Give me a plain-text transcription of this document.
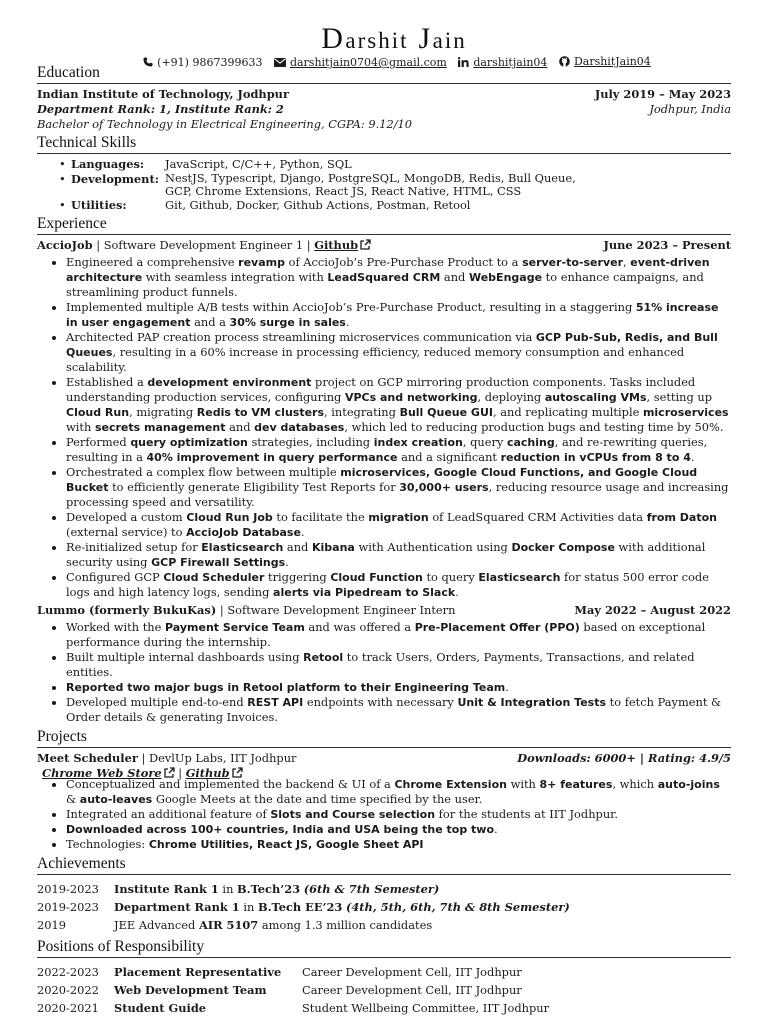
Darshit Jain
(+91) 9867399633
	darshitjain0704@gmail.com
darshitjain04
DarshitJain04
Education
Indian Institute of Technology, Jodhpur	July 2019 – May 2023
Department Rank: 1, Institute Rank: 2	Jodhpur, India
Bachelor of Technology in Electrical Engineering, CGPA: 9.12/10
Technical Skills
• Languages:	JavaScript, C/C++, Python, SQL
• Development: NestJS, Typescript, Django, PostgreSQL, MongoDB, Redis, Bull Queue, GCP, Chrome Extensions, React JS, React Native, HTML, CSS
• Utilities:	Git, Github, Docker, Github Actions, Postman, Retool
Experience
AccioJob | Software Development Engineer 1 | Github	June 2023 – Present
• Engineered a comprehensive revamp of AccioJob’s Pre-Purchase Product to a server-to-server, event-driven architecture with seamless integration with LeadSquared CRM and WebEngage to enhance campaigns, and streamlining product funnels.
• Implemented multiple A/B tests within AccioJob’s Pre-Purchase Product, resulting in a staggering 51% increase in user engagement and a 30% surge in sales.
• Architected PAP creation process streamlining microservices communication via GCP Pub-Sub, Redis, and Bull Queues, resulting in a 60% increase in processing efficiency, reduced memory consumption and enhanced scalability.
• Established a development environment project on GCP mirroring production components. Tasks included understanding production services, configuring VPCs and networking, deploying autoscaling VMs, setting up Cloud Run, migrating Redis to VM clusters, integrating Bull Queue GUI, and replicating multiple microservices with secrets management and dev databases, which led to reducing production bugs and testing time by 50%.
• Performed query optimization strategies, including index creation, query caching, and re-rewriting queries, resulting in a 40% improvement in query performance and a significant reduction in vCPUs from 8 to 4.
• Orchestrated a complex flow between multiple microservices, Google Cloud Functions, and Google Cloud Bucket to efficiently generate Eligibility Test Reports for 30,000+ users, reducing resource usage and increasing processing speed and versatility.
• Developed a custom Cloud Run Job to facilitate the migration of LeadSquared CRM Activities data from Daton (external service) to AccioJob Database.
• Re-initialized setup for Elasticsearch and Kibana with Authentication using Docker Compose with additional security using GCP Firewall Settings.
• Configured GCP Cloud Scheduler triggering Cloud Function to query Elasticsearch for status 500 error code logs and high latency logs, sending alerts via Pipedream to Slack.
Lummo (formerly BukuKas) | Software Development Engineer Intern	May 2022 – August 2022
• Worked with the Payment Service Team and was offered a Pre-Placement Offer (PPO) based on exceptional performance during the internship.
• Built multiple internal dashboards using Retool to track Users, Orders, Payments, Transactions, and related entities.
• Reported two major bugs in Retool platform to their Engineering Team.
• Developed multiple end-to-end REST API endpoints with necessary Unit & Integration Tests to fetch Payment & Order details & generating Invoices.
Projects
Meet Scheduler | DevlUp Labs, IIT Jodhpur	Downloads: 6000+ | Rating: 4.9/5
Chrome Web Store | Github
• Conceptualized and implemented the backend & UI of a Chrome Extension with 8+ features, which auto-joins & auto-leaves Google Meets at the date and time specified by the user.
• Integrated an additional feature of Slots and Course selection for the students at IIT Jodhpur.
• Downloaded across 100+ countries, India and USA being the top two.
• Technologies: Chrome Utilities, React JS, Google Sheet API
Achievements
2019-2023	Institute Rank 1 in B.Tech’23 (6th & 7th Semester)
2019-2023	Department Rank 1 in B.Tech EE’23 (4th, 5th, 6th, 7th & 8th Semester)
2019	JEE Advanced AIR 5107 among 1.3 million candidates
Positions of Responsibility
2022-2023	Placement Representative	Career Development Cell, IIT Jodhpur
2020-2022	Web Development Team	Career Development Cell, IIT Jodhpur
2020-2021	Student Guide	Student Wellbeing Committee, IIT Jodhpur
